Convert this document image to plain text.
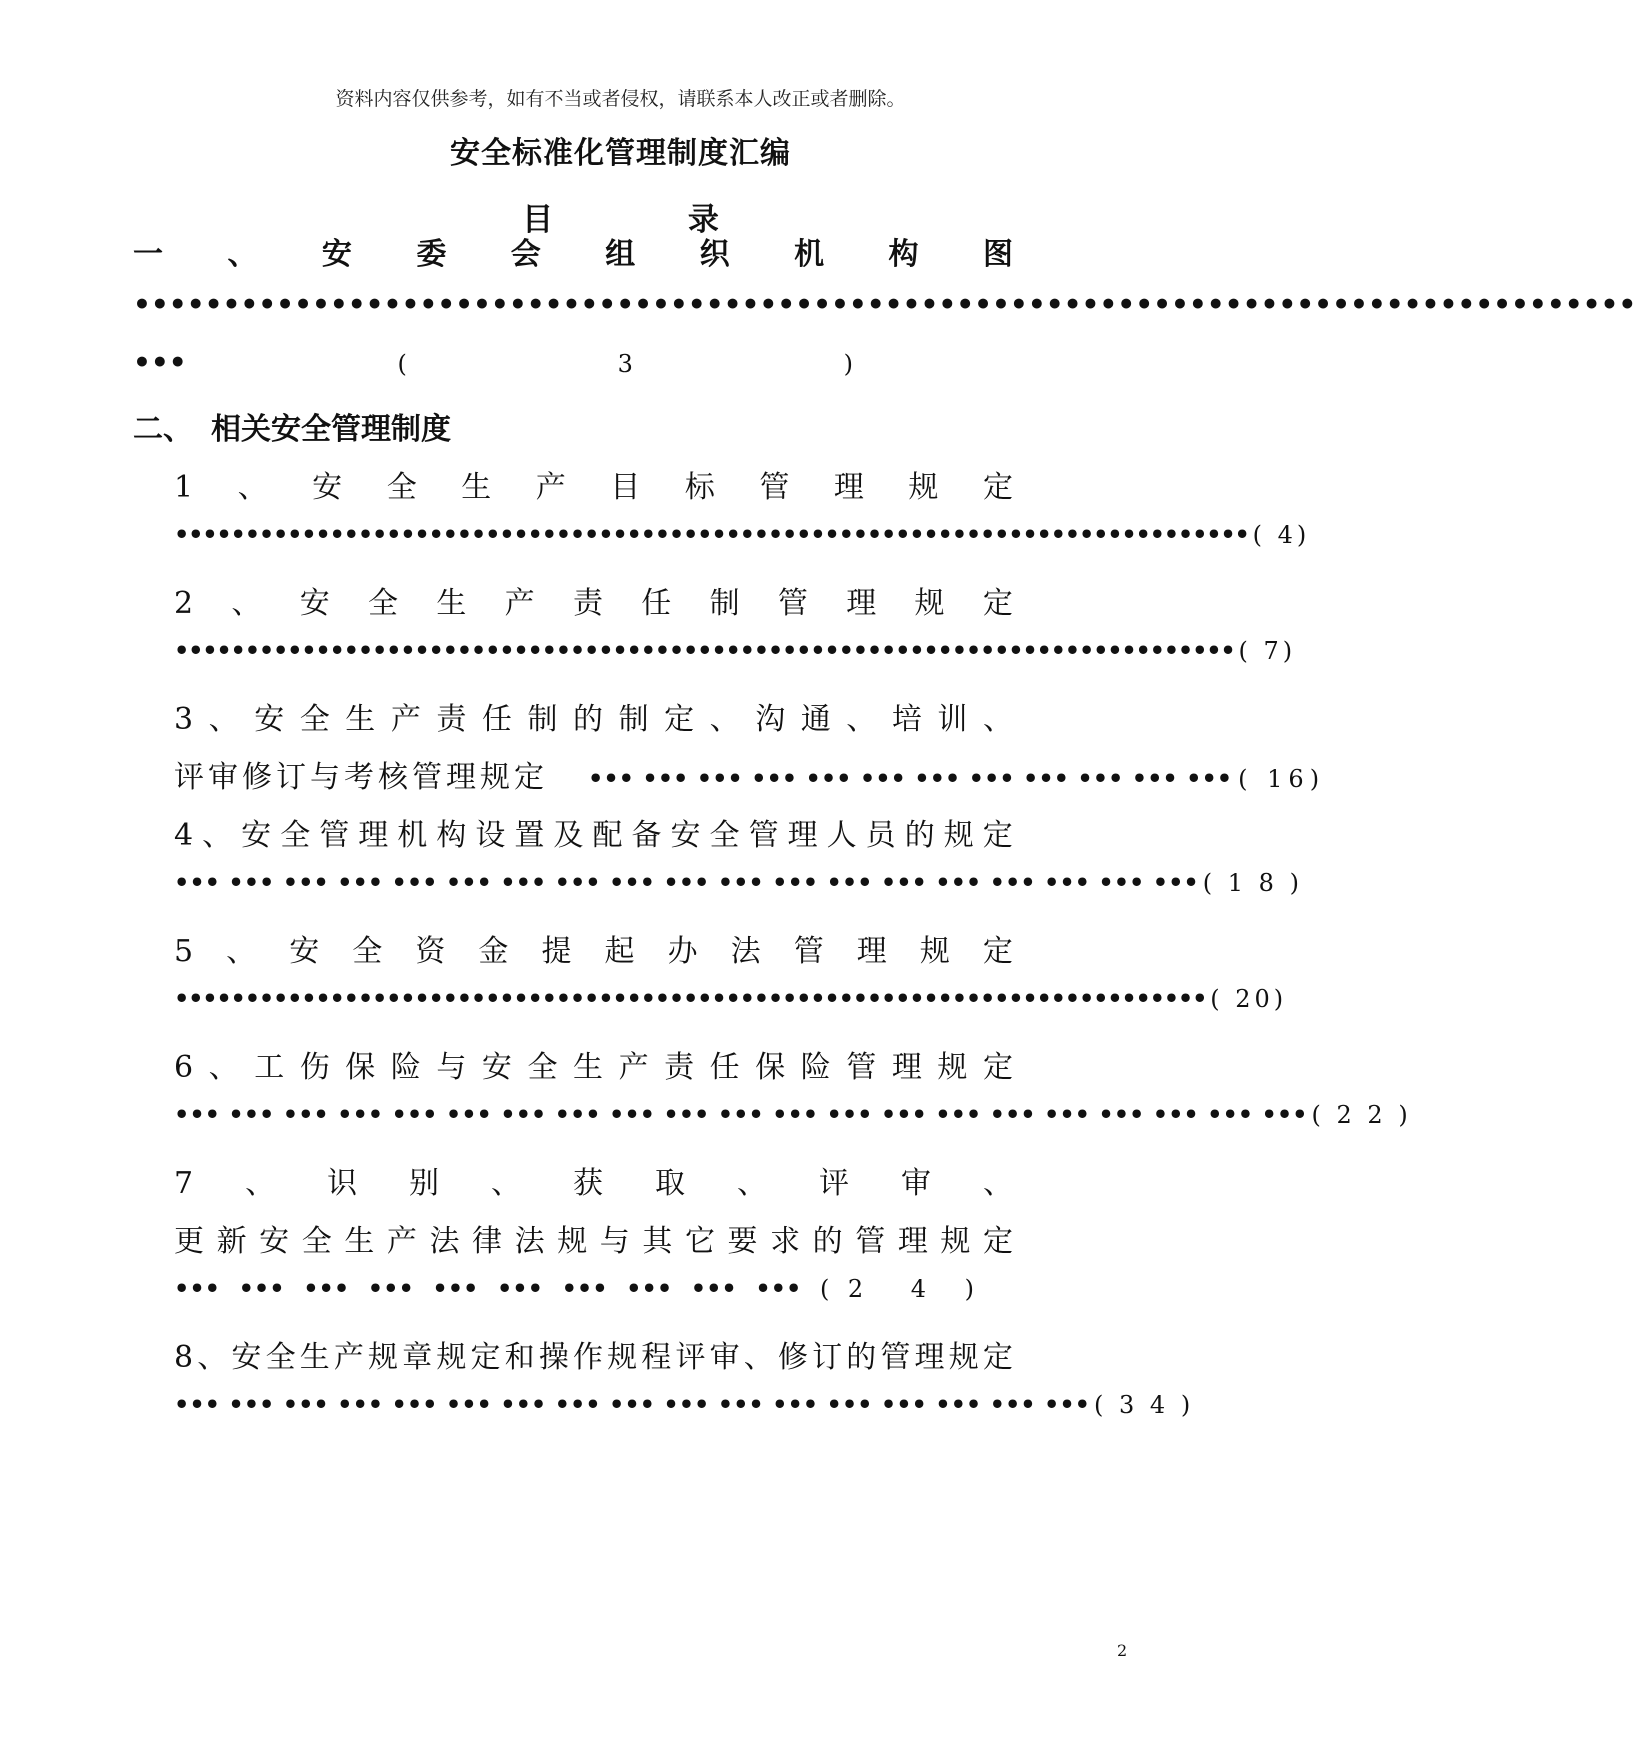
资料内容仅供参考，如有不当或者侵权，请联系本人改正或者删除。
安全标准化管理制度汇编
目 录
一 、 安 委 会 组 织 机 构 图
••••••••••••••••••••••••••••••••••••••••••••••••••••••••••••••••••••••••••••••••••••
•••	(	3	)
二、 相关安全管理制度
1 、 安 全 生 产 目 标 管 理 规 定
•••••••••••••••••••••••••••••••••••••••••••••••••••••••••••••••••••••••••••• ( 4)
2 、 安 全 生 产 责 任 制 管 理 规 定
••••••••••••••••••••••••••••••••••••••••••••••••••••••••••••••••••••••••••• ( 7)
3 、 安 全 生 产 责 任 制 的 制 定 、 沟 通 、 培 训 、
评审修订与考核管理规定 ••• ••• ••• ••• ••• ••• ••• ••• ••• ••• ••• ••• ( 16)
4 、 安 全 管 理 机 构 设 置 及 配 备 安 全 管 理 人 员 的 规 定
••• ••• ••• ••• ••• ••• ••• ••• ••• ••• ••• ••• ••• ••• ••• ••• ••• ••• ••• ( 1 8 )
5 、 安 全 资 金 提 起 办 法 管 理 规 定
••••••••••••••••••••••••••••••••••••••••••••••••••••••••••••••••••••••••• ( 20)
6 、 工 伤 保 险 与 安 全 生 产 责 任 保 险 管 理 规 定
••• ••• ••• ••• ••• ••• ••• ••• ••• ••• ••• ••• ••• ••• ••• ••• ••• ••• ••• ••• ••• ( 2 2 )
7 、 识 别 、 获 取 、 评 审 、
更 新 安 全 生 产 法 律 法 规 与 其 它 要 求 的 管 理 规 定
••• ••• ••• ••• ••• ••• ••• ••• ••• ••• ( 2 4 )
8 、 安 全 生 产 规 章 规 定 和 操 作 规 程 评 审 、 修 订 的 管 理 规 定
••• ••• ••• ••• ••• ••• ••• ••• ••• ••• ••• ••• ••• ••• ••• ••• ••• ( 3 4 )
2
